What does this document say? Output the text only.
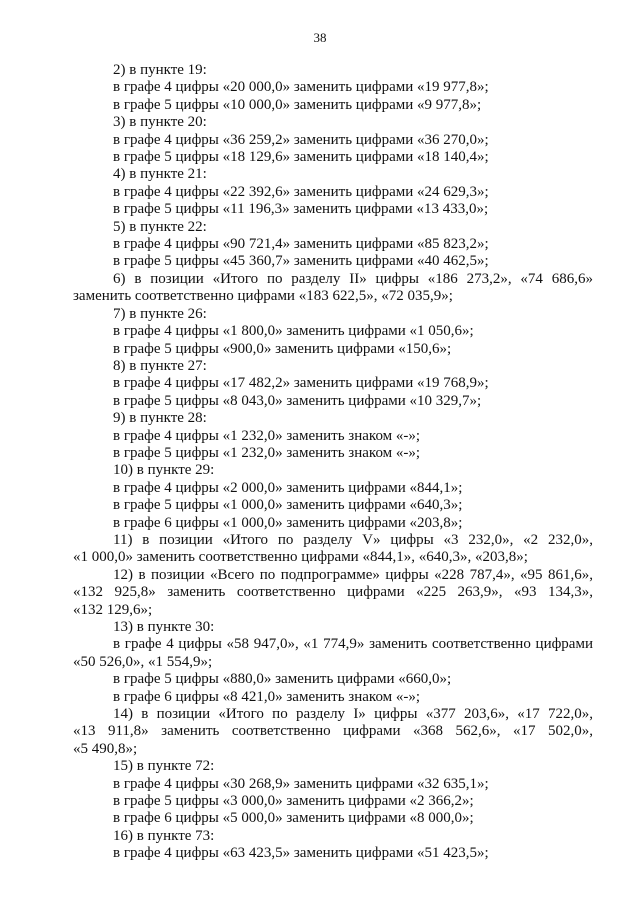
38
2) в пункте 19:
в графе 4 цифры «20 000,0» заменить цифрами «19 977,8»;
в графе 5 цифры «10 000,0» заменить цифрами «9 977,8»;
3) в пункте 20:
в графе 4 цифры «36 259,2» заменить цифрами «36 270,0»;
в графе 5 цифры «18 129,6» заменить цифрами «18 140,4»;
4) в пункте 21:
в графе 4 цифры «22 392,6» заменить цифрами «24 629,3»;
в графе 5 цифры «11 196,3» заменить цифрами «13 433,0»;
5) в пункте 22:
в графе 4 цифры «90 721,4» заменить цифрами «85 823,2»;
в графе 5 цифры «45 360,7» заменить цифрами «40 462,5»;
6) в позиции «Итого по разделу II» цифры «186 273,2», «74 686,6»
заменить соответственно цифрами «183 622,5», «72 035,9»;
7) в пункте 26:
в графе 4 цифры «1 800,0» заменить цифрами «1 050,6»;
в графе 5 цифры «900,0» заменить цифрами «150,6»;
8) в пункте 27:
в графе 4 цифры «17 482,2» заменить цифрами «19 768,9»;
в графе 5 цифры «8 043,0» заменить цифрами «10 329,7»;
9) в пункте 28:
в графе 4 цифры «1 232,0» заменить знаком «-»;
в графе 5 цифры «1 232,0» заменить знаком «-»;
10) в пункте 29:
в графе 4 цифры «2 000,0» заменить цифрами «844,1»;
в графе 5 цифры «1 000,0» заменить цифрами «640,3»;
в графе 6 цифры «1 000,0» заменить цифрами «203,8»;
11) в позиции «Итого по разделу V» цифры «3 232,0», «2 232,0»,
«1 000,0» заменить соответственно цифрами «844,1», «640,3», «203,8»;
12) в позиции «Всего по подпрограмме» цифры «228 787,4», «95 861,6»,
«132 925,8» заменить соответственно цифрами «225 263,9», «93 134,3»,
«132 129,6»;
13) в пункте 30:
в графе 4 цифры «58 947,0», «1 774,9» заменить соответственно цифрами
«50 526,0», «1 554,9»;
в графе 5 цифры «880,0» заменить цифрами «660,0»;
в графе 6 цифры «8 421,0» заменить знаком «-»;
14) в позиции «Итого по разделу I» цифры «377 203,6», «17 722,0»,
«13 911,8» заменить соответственно цифрами «368 562,6», «17 502,0»,
«5 490,8»;
15) в пункте 72:
в графе 4 цифры «30 268,9» заменить цифрами «32 635,1»;
в графе 5 цифры «3 000,0» заменить цифрами «2 366,2»;
в графе 6 цифры «5 000,0» заменить цифрами «8 000,0»;
16) в пункте 73:
в графе 4 цифры «63 423,5» заменить цифрами «51 423,5»;
